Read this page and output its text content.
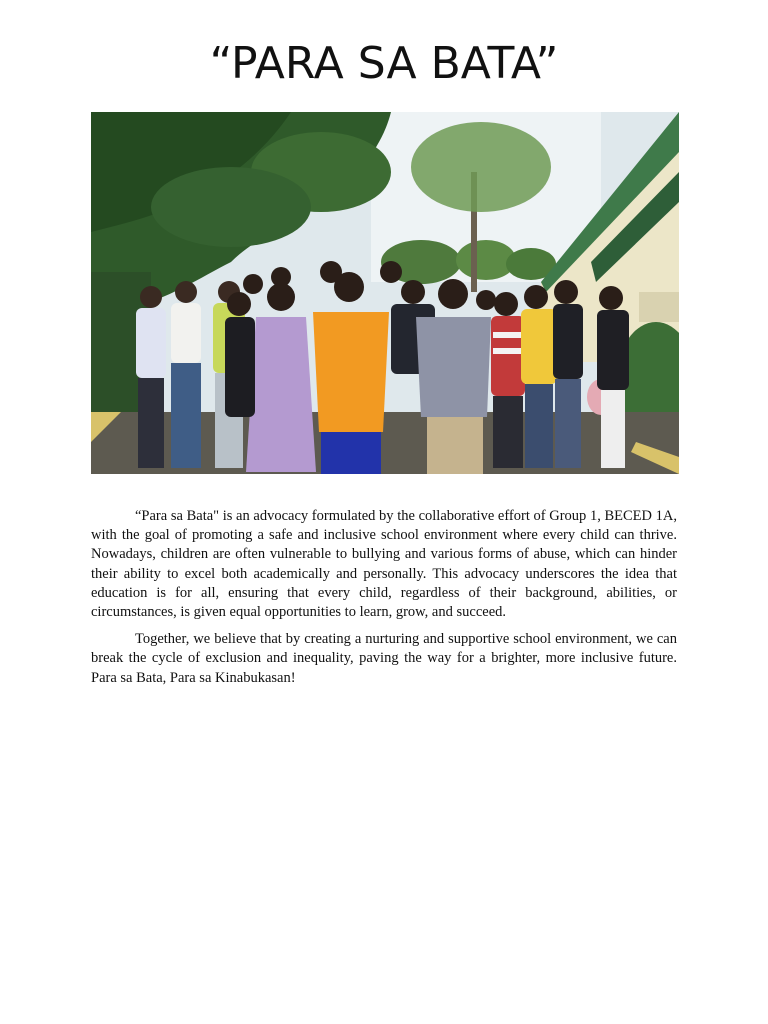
“PARA SA BATA”

“Para sa Bata" is an advocacy formulated by the collaborative effort of Group 1, BECED 1A, with the goal of promoting a safe and inclusive school environment where every child can thrive. Nowadays, children are often vulnerable to bullying and various forms of abuse, which can hinder their ability to excel both academically and personally. This advocacy underscores the idea that education is for all, ensuring that every child, regardless of their background, abilities, or circumstances, is given equal opportunities to learn, grow, and succeed.

Together, we believe that by creating a nurturing and supportive school environment, we can break the cycle of exclusion and inequality, paving the way for a brighter, more inclusive future. Para sa Bata, Para sa Kinabukasan!
